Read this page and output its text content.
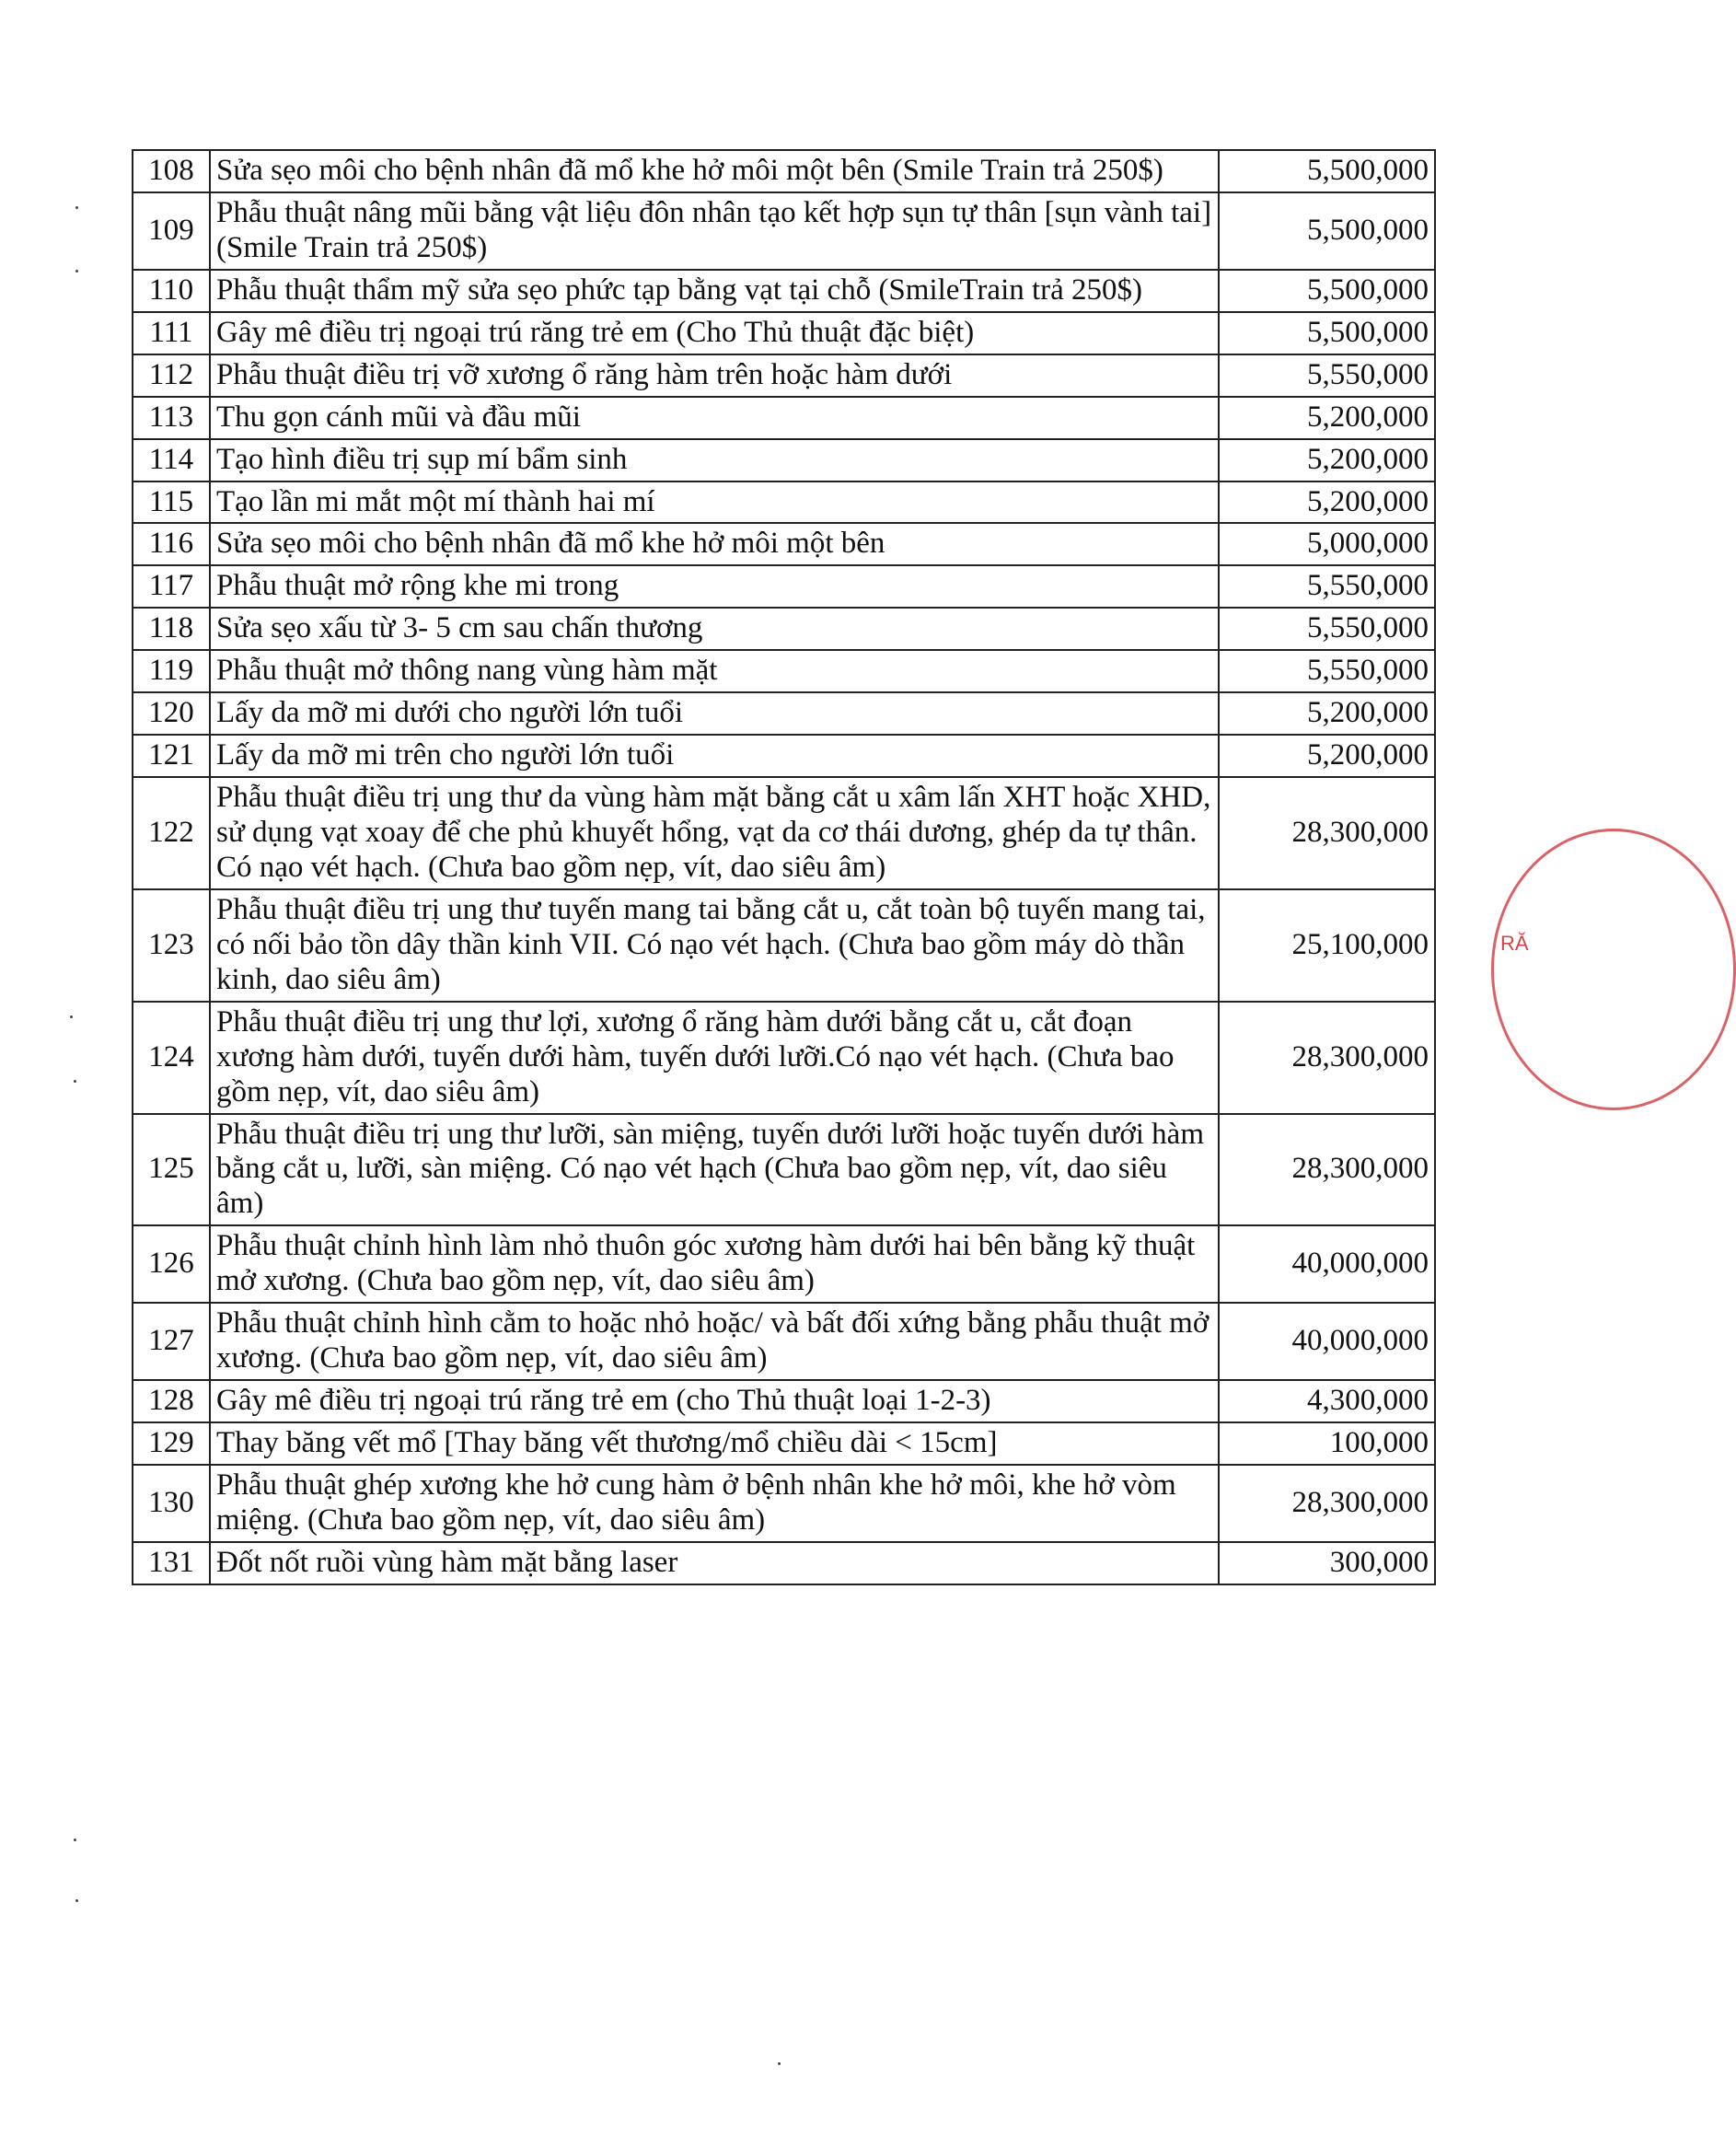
108	Sửa sẹo môi cho bệnh nhân đã mổ khe hở môi một bên (Smile Train trả 250$)	5,500,000
109	Phẫu thuật nâng mũi bằng vật liệu đôn nhân tạo kết hợp sụn tự thân [sụn vành tai] (Smile Train trả 250$)	5,500,000
110	Phẫu thuật thẩm mỹ sửa sẹo phức tạp bằng vạt tại chỗ (SmileTrain trả 250$)	5,500,000
111	Gây mê điều trị ngoại trú răng trẻ em (Cho Thủ thuật đặc biệt)	5,500,000
112	Phẫu thuật điều trị vỡ xương ổ răng hàm trên hoặc hàm dưới	5,550,000
113	Thu gọn cánh mũi và đầu mũi	5,200,000
114	Tạo hình điều trị sụp mí bẩm sinh	5,200,000
115	Tạo lần mi mắt một mí thành hai mí	5,200,000
116	Sửa sẹo môi cho bệnh nhân đã mổ khe hở môi một bên	5,000,000
117	Phẫu thuật mở rộng khe mi trong	5,550,000
118	Sửa sẹo xấu từ 3- 5 cm sau chấn thương	5,550,000
119	Phẫu thuật mở thông nang vùng hàm mặt	5,550,000
120	Lấy da mỡ mi dưới cho người lớn tuổi	5,200,000
121	Lấy da mỡ mi trên cho người lớn tuổi	5,200,000
122	Phẫu thuật điều trị ung thư da vùng hàm mặt bằng cắt u xâm lấn XHT hoặc XHD, sử dụng vạt xoay để che phủ khuyết hổng, vạt da cơ thái dương, ghép da tự thân. Có nạo vét hạch. (Chưa bao gồm nẹp, vít, dao siêu âm)	28,300,000
123	Phẫu thuật điều trị ung thư tuyến mang tai bằng cắt u, cắt toàn bộ tuyến mang tai, có nối bảo tồn dây thần kinh VII. Có nạo vét hạch. (Chưa bao gồm máy dò thần kinh, dao siêu âm)	25,100,000
124	Phẫu thuật điều trị ung thư lợi, xương ổ răng hàm dưới bằng cắt u, cắt đoạn xương hàm dưới, tuyến dưới hàm, tuyến dưới lưỡi.Có nạo vét hạch. (Chưa bao gồm nẹp, vít, dao siêu âm)	28,300,000
125	Phẫu thuật điều trị ung thư lưỡi, sàn miệng, tuyến dưới lưỡi hoặc tuyến dưới hàm bằng cắt u, lưỡi, sàn miệng. Có nạo vét hạch (Chưa bao gồm nẹp, vít, dao siêu âm)	28,300,000
126	Phẫu thuật chỉnh hình làm nhỏ thuôn góc xương hàm dưới hai bên bằng kỹ thuật mở xương. (Chưa bao gồm nẹp, vít, dao siêu âm)	40,000,000
127	Phẫu thuật chỉnh hình cằm to hoặc nhỏ hoặc/ và bất đối xứng bằng phẫu thuật mở xương. (Chưa bao gồm nẹp, vít, dao siêu âm)	40,000,000
128	Gây mê điều trị ngoại trú răng trẻ em (cho Thủ thuật loại 1-2-3)	4,300,000
129	Thay băng vết mổ [Thay băng vết thương/mổ chiều dài < 15cm]	100,000
130	Phẫu thuật ghép xương khe hở cung hàm ở bệnh nhân khe hở môi, khe hở vòm miệng. (Chưa bao gồm nẹp, vít, dao siêu âm)	28,300,000
131	Đốt nốt ruồi vùng hàm mặt bằng laser	300,000
RĂ
